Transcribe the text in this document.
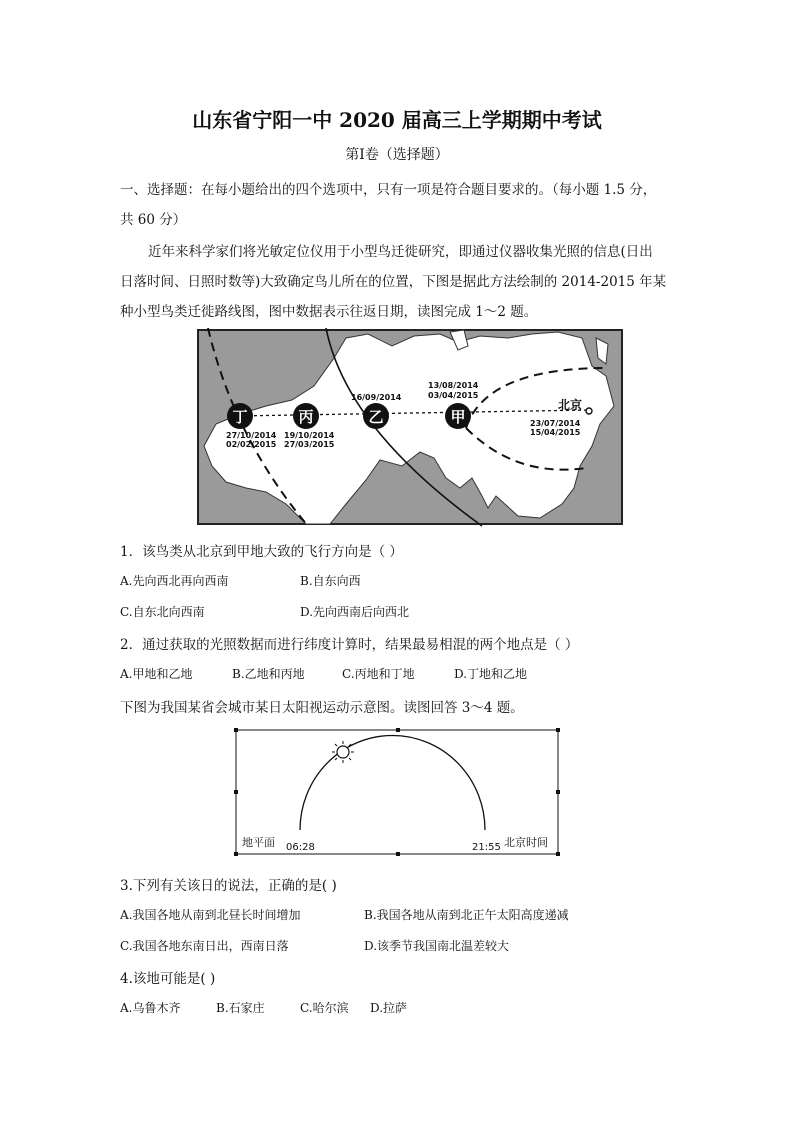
山东省宁阳一中 2020 届高三上学期期中考试
第Ⅰ卷（选择题）
一、选择题：在每小题给出的四个选项中，只有一项是符合题目要求的。（每小题 1.5 分，
共 60 分）
近年来科学家们将光敏定位仪用于小型鸟迁徙研究，即通过仪器收集光照的信息(日出
日落时间、日照时数等)大致确定鸟儿所在的位置，下图是据此方法绘制的 2014-2015 年某
种小型鸟类迁徙路线图，图中数据表示往返日期，读图完成 1～2 题。
丁
27/10/2014
02/02/2015
丙
19/10/2014
27/03/2015
乙
16/09/2014
甲
13/08/2014
03/04/2015
北京
23/07/2014
15/04/2015
1．该鸟类从北京到甲地大致的飞行方向是（ ）
A.先向西北再向西南	B.自东向西
C.自东北向西南	D.先向西南后向西北
2．通过获取的光照数据而进行纬度计算时，结果最易相混的两个地点是（ ）
A.甲地和乙地	B.乙地和丙地	C.丙地和丁地	D.丁地和乙地
下图为我国某省会城市某日太阳视运动示意图。读图回答 3～4 题。
地平面 06:28	21:55 北京时间
3.下列有关该日的说法，正确的是( )
A.我国各地从南到北昼长时间增加	B.我国各地从南到北正午太阳高度递减
C.我国各地东南日出，西南日落	D.该季节我国南北温差较大
4.该地可能是( )
A.乌鲁木齐	B.石家庄	C.哈尔滨 D.拉萨
